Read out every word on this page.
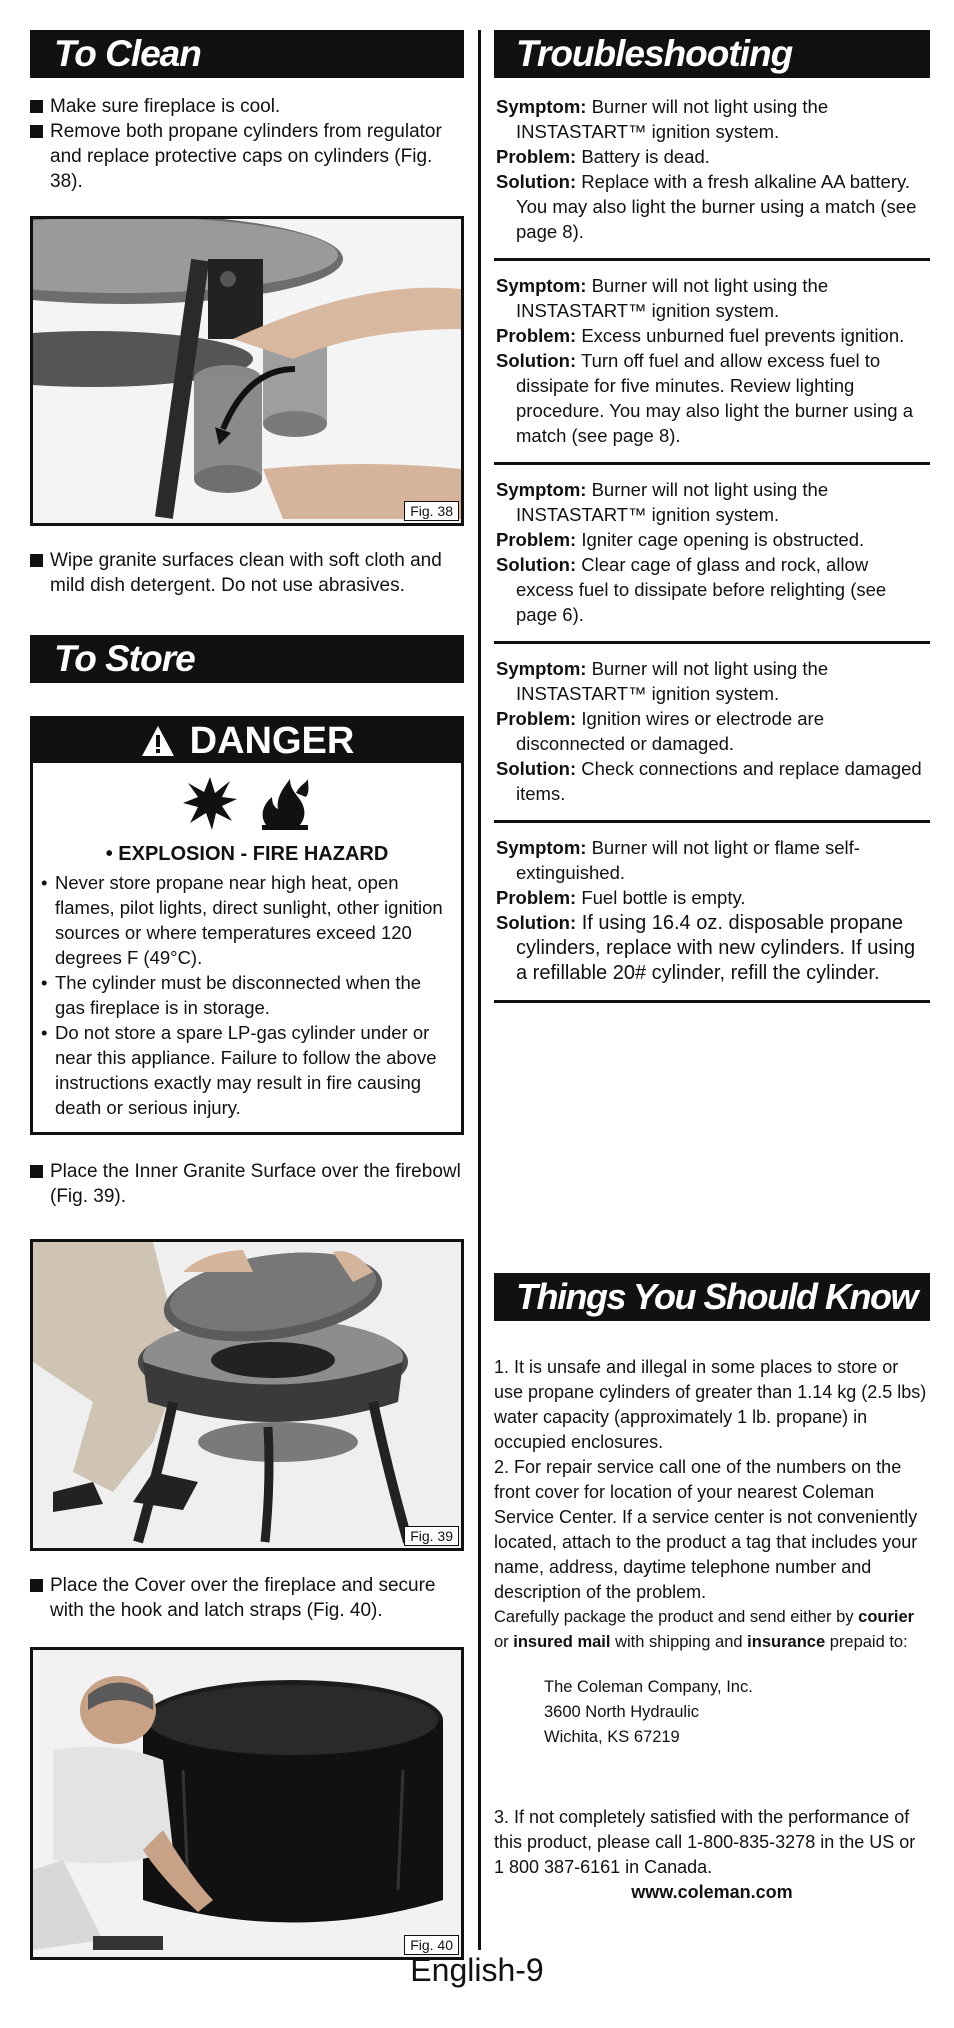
To Clean
Make sure fireplace is cool.
Remove both propane cylinders from regulator and replace protective caps on cylinders (Fig. 38).
Fig. 38
Wipe granite surfaces clean with soft cloth and mild dish detergent. Do not use abrasives.
To Store
DANGER
• EXPLOSION - FIRE HAZARD
• Never store propane near high heat, open flames, pilot lights, direct sunlight, other ignition sources or where temperatures exceed 120 degrees F (49°C).
• The cylinder must be disconnected when the gas fireplace is in storage.
• Do not store a spare LP-gas cylinder under or near this appliance. Failure to follow the above instructions exactly may result in fire causing death or serious injury.
Place the Inner Granite Surface over the firebowl (Fig. 39).
Fig. 39
Place the Cover over the fireplace and secure with the hook and latch straps (Fig. 40).
Fig. 40
Troubleshooting
Symptom: Burner will not light using the INSTASTART™ ignition system.
Problem: Battery is dead.
Solution: Replace with a fresh alkaline AA battery. You may also light the burner using a match (see page 8).
Symptom: Burner will not light using the INSTASTART™ ignition system.
Problem: Excess unburned fuel prevents ignition.
Solution: Turn off fuel and allow excess fuel to dissipate for five minutes. Review lighting procedure. You may also light the burner using a match (see page 8).
Symptom: Burner will not light using the INSTASTART™ ignition system.
Problem: Igniter cage opening is obstructed.
Solution: Clear cage of glass and rock, allow excess fuel to dissipate before relighting (see page 6).
Symptom: Burner will not light using the INSTASTART™ ignition system.
Problem: Ignition wires or electrode are disconnected or damaged.
Solution: Check connections and replace damaged items.
Symptom: Burner will not light or flame self-extinguished.
Problem: Fuel bottle is empty.
Solution: If using 16.4 oz. disposable propane cylinders, replace with new cylinders. If using a refillable 20# cylinder, refill the cylinder.
Things You Should Know

1. It is unsafe and illegal in some places to store or use propane cylinders of greater than 1.14 kg (2.5 lbs) water capacity (approximately 1 lb. propane) in occupied enclosures.

2. For repair service call one of the numbers on the front cover for location of your nearest Coleman Service Center. If a service center is not conveniently located, attach to the product a tag that includes your name, address, daytime telephone number and description of the problem.

Carefully package the product and send either by courier or insured mail with shipping and insurance prepaid to:

The Coleman Company, Inc.
3600 North Hydraulic
Wichita, KS 67219

3. If not completely satisfied with the performance of this product, please call 1-800-835-3278 in the US or 1 800 387-6161 in Canada.

www.coleman.com
English-9
